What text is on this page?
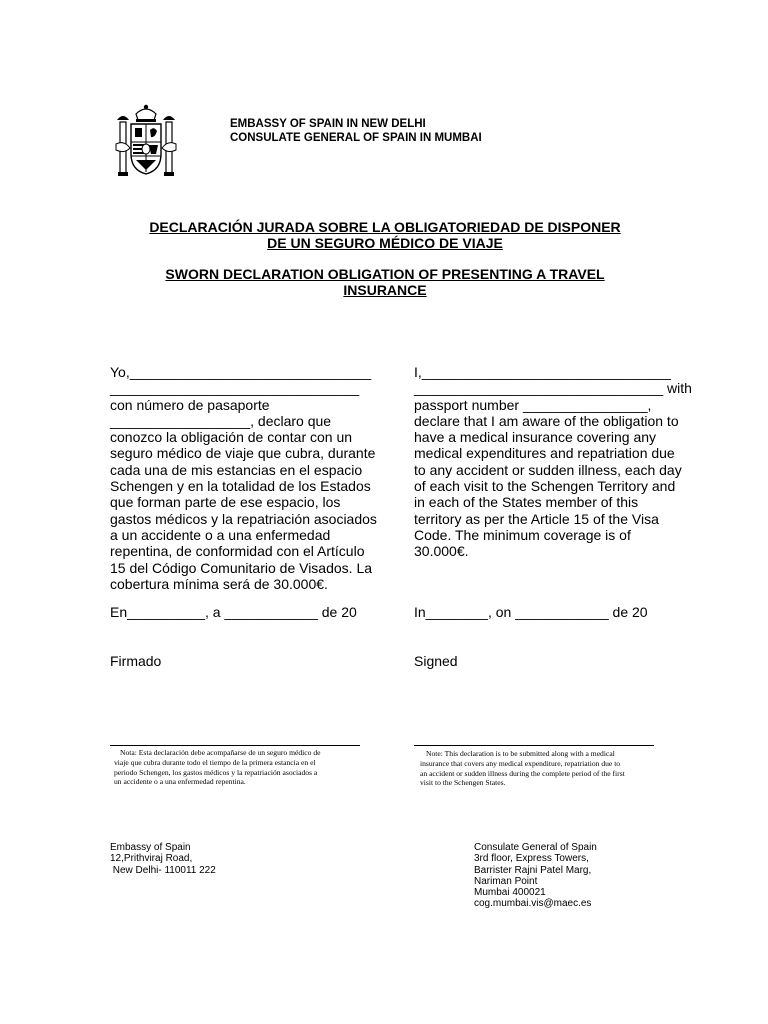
EMBASSY OF SPAIN IN NEW DELHI
CONSULATE GENERAL OF SPAIN IN MUMBAI
DECLARACIÓN JURADA SOBRE LA OBLIGATORIEDAD DE DISPONER
DE UN SEGURO MÉDICO DE VIAJE
SWORN DECLARATION OBLIGATION OF PRESENTING A TRAVEL
INSURANCE
Yo,_______________________________
________________________________
con número de pasaporte
__________________, declaro que
conozco la obligación de contar con un
seguro médico de viaje que cubra, durante
cada una de mis estancias en el espacio
Schengen y en la totalidad de los Estados
que forman parte de ese espacio, los
gastos médicos y la repatriación asociados
a un accidente o a una enfermedad
repentina, de conformidad con el Artículo
15 del Código Comunitario de Visados. La
cobertura mínima será de 30.000€.
I,________________________________
________________________________ with
passport number ________________,
declare that I am aware of the obligation to
have a medical insurance covering any
medical expenditures and repatriation due
to any accident or sudden illness, each day
of each visit to the Schengen Territory and
in each of the States member of this
territory as per the Article 15 of the Visa
Code. The minimum coverage is of
30.000€.
En__________, a ____________ de 20	In________, on ____________ de 20
Firmado	Signed
Nota: Esta declaración debe acompañarse de un seguro médico de
viaje que cubra durante todo el tiempo de la primera estancia en el
periodo Schengen, los gastos médicos y la repatriación asociados a
un accidente o a una enfermedad repentina.
Note: This declaration is to be submitted along with a medical
insurance that covers any medical expenditure, repatriation due to
an accident or sudden illness during the complete period of the first
visit to the Schengen States.
Embassy of Spain
12,Prithviraj Road,
New Delhi- 110011 222
Consulate General of Spain
3rd floor, Express Towers,
Barrister Rajni Patel Marg,
Nariman Point
Mumbai 400021
cog.mumbai.vis@maec.es
